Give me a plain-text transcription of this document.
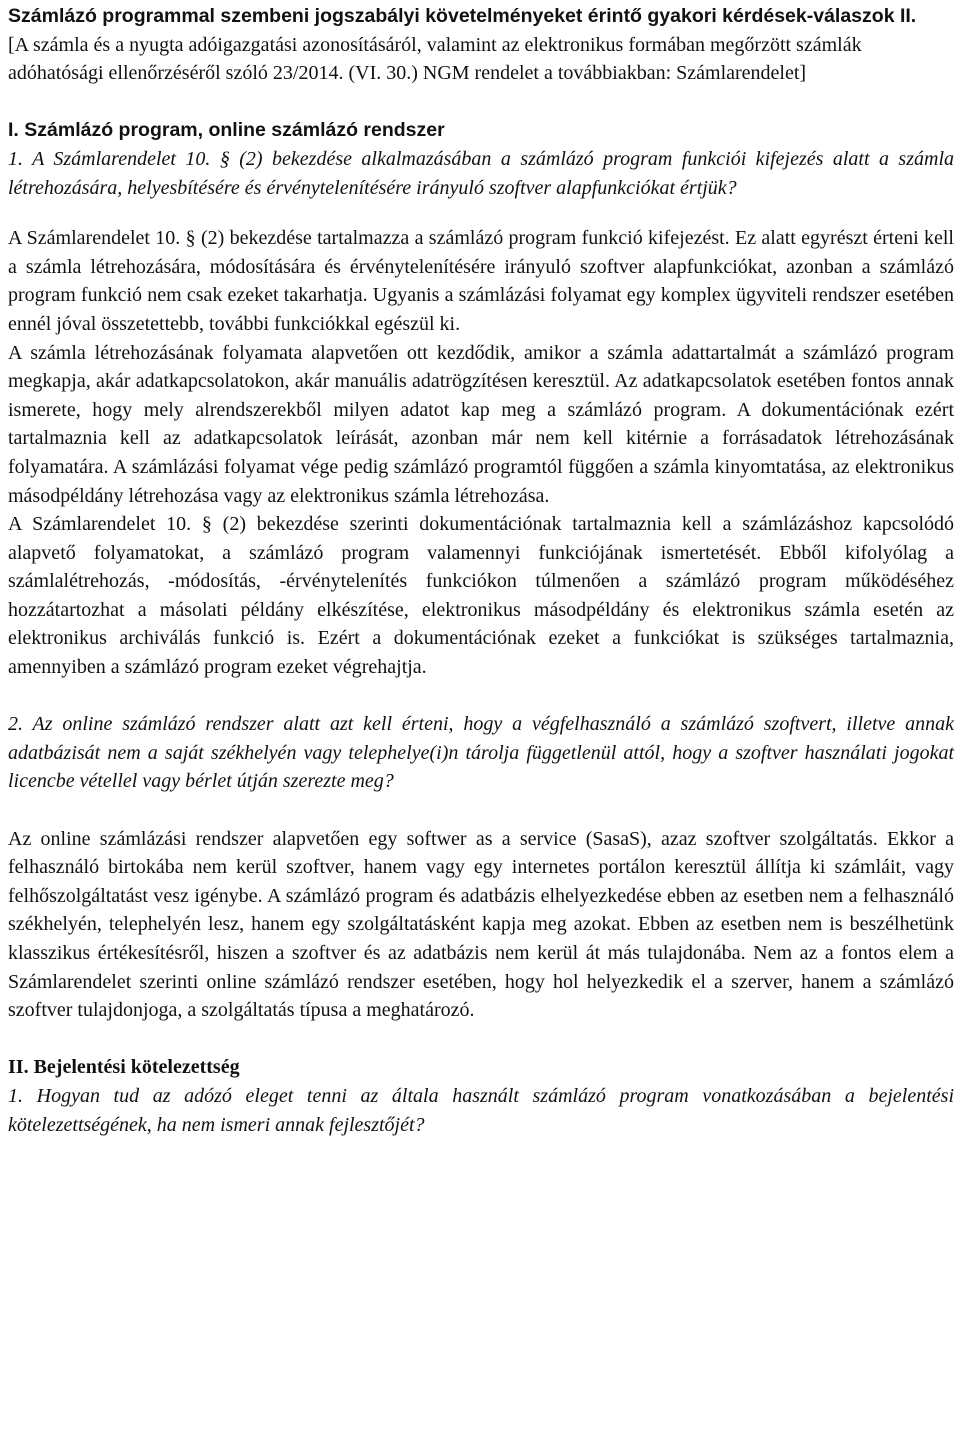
Számlázó programmal szembeni jogszabályi követelményeket érintő gyakori kérdések-válaszok II.

[A számla és a nyugta adóigazgatási azonosításáról, valamint az elektronikus formában megőrzött számlák adóhatósági ellenőrzéséről szóló 23/2014. (VI. 30.) NGM rendelet a továbbiakban: Számlarendelet]

I. Számlázó program, online számlázó rendszer

1. A Számlarendelet 10. § (2) bekezdése alkalmazásában a számlázó program funkciói kifejezés alatt a számla létrehozására, helyesbítésére és érvénytelenítésére irányuló szoftver alapfunkciókat értjük?

A Számlarendelet 10. § (2) bekezdése tartalmazza a számlázó program funkció kifejezést. Ez alatt egyrészt érteni kell a számla létrehozására, módosítására és érvénytelenítésére irányuló szoftver alapfunkciókat, azonban a számlázó program funkció nem csak ezeket takarhatja. Ugyanis a számlázási folyamat egy komplex ügyviteli rendszer esetében ennél jóval összetettebb, további funkciókkal egészül ki.

A számla létrehozásának folyamata alapvetően ott kezdődik, amikor a számla adattartalmát a számlázó program megkapja, akár adatkapcsolatokon, akár manuális adatrögzítésen keresztül. Az adatkapcsolatok esetében fontos annak ismerete, hogy mely alrendszerekből milyen adatot kap meg a számlázó program. A dokumentációnak ezért tartalmaznia kell az adatkapcsolatok leírását, azonban már nem kell kitérnie a forrásadatok létrehozásának folyamatára. A számlázási folyamat vége pedig számlázó programtól függően a számla kinyomtatása, az elektronikus másodpéldány létrehozása vagy az elektronikus számla létrehozása.

A Számlarendelet 10. § (2) bekezdése szerinti dokumentációnak tartalmaznia kell a számlázáshoz kapcsolódó alapvető folyamatokat, a számlázó program valamennyi funkciójának ismertetését. Ebből kifolyólag a számlalétrehozás, -módosítás, -érvénytelenítés funkciókon túlmenően a számlázó program működéséhez hozzátartozhat a másolati példány elkészítése, elektronikus másodpéldány és elektronikus számla esetén az elektronikus archiválás funkció is. Ezért a dokumentációnak ezeket a funkciókat is szükséges tartalmaznia, amennyiben a számlázó program ezeket végrehajtja.

2. Az online számlázó rendszer alatt azt kell érteni, hogy a végfelhasználó a számlázó szoftvert, illetve annak adatbázisát nem a saját székhelyén vagy telephelye(i)n tárolja függetlenül attól, hogy a szoftver használati jogokat licencbe vétellel vagy bérlet útján szerezte meg?

Az online számlázási rendszer alapvetően egy softwer as a service (SasaS), azaz szoftver szolgáltatás. Ekkor a felhasználó birtokába nem kerül szoftver, hanem vagy egy internetes portálon keresztül állítja ki számláit, vagy felhőszolgáltatást vesz igénybe. A számlázó program és adatbázis elhelyezkedése ebben az esetben nem a felhasználó székhelyén, telephelyén lesz, hanem egy szolgáltatásként kapja meg azokat. Ebben az esetben nem is beszélhetünk klasszikus értékesítésről, hiszen a szoftver és az adatbázis nem kerül át más tulajdonába. Nem az a fontos elem a Számlarendelet szerinti online számlázó rendszer esetében, hogy hol helyezkedik el a szerver, hanem a számlázó szoftver tulajdonjoga, a szolgáltatás típusa a meghatározó.

II. Bejelentési kötelezettség

1. Hogyan tud az adózó eleget tenni az általa használt számlázó program vonatkozásában a bejelentési kötelezettségének, ha nem ismeri annak fejlesztőjét?
